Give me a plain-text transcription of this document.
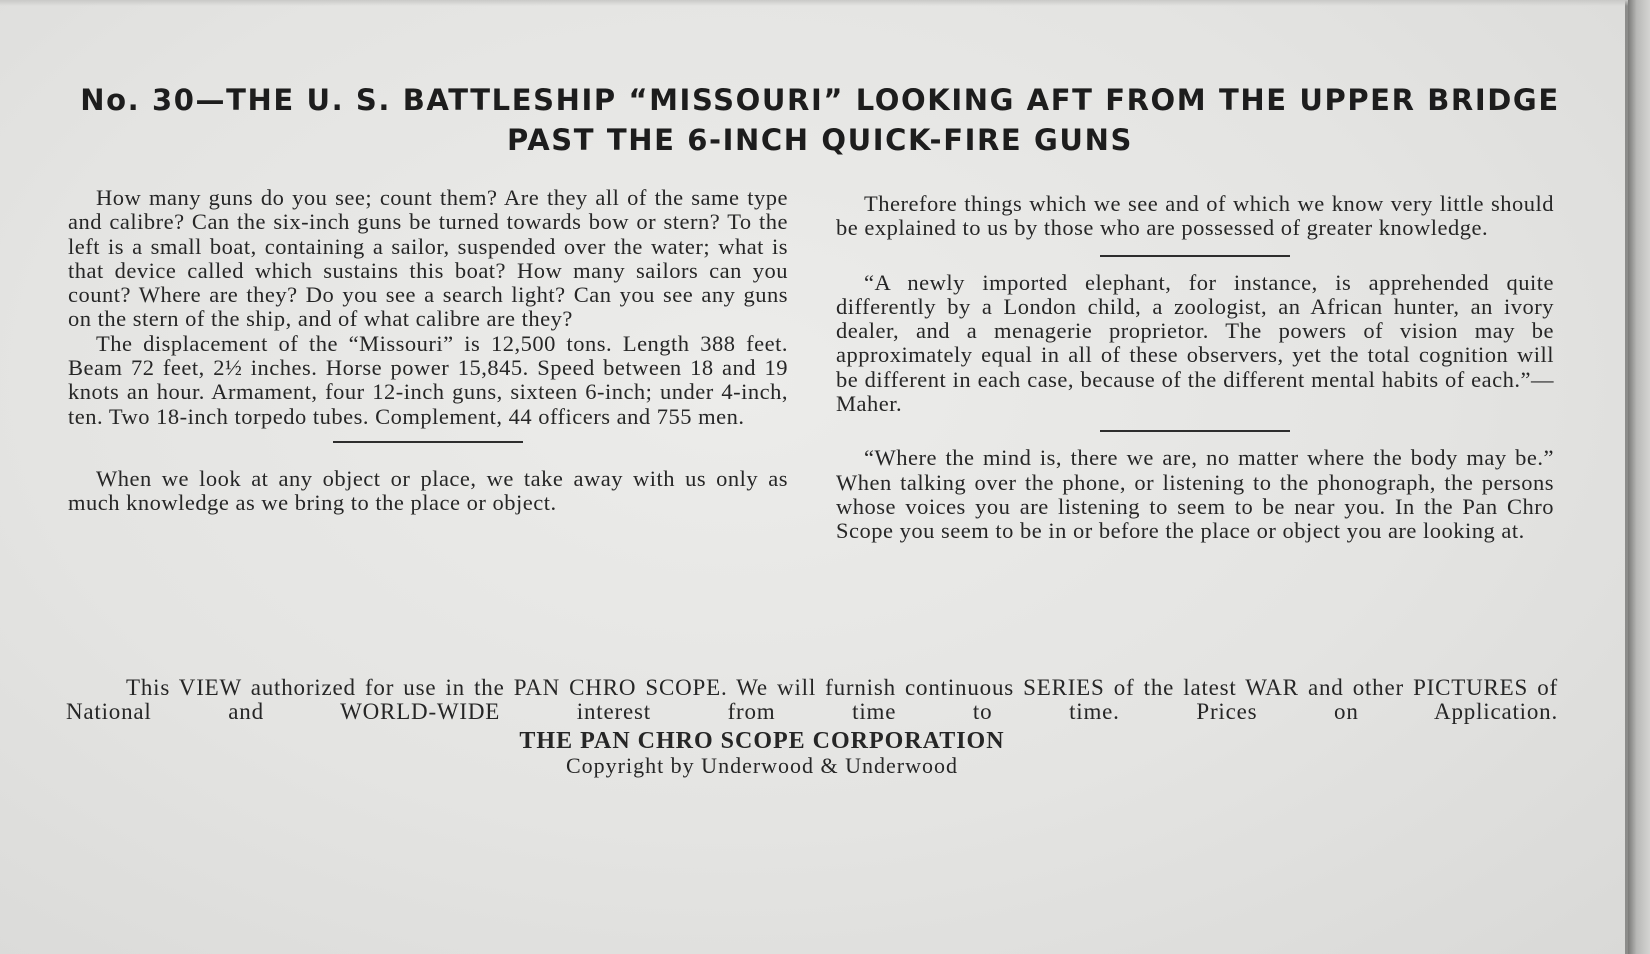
No. 30—THE U. S. BATTLESHIP “MISSOURI” LOOKING AFT FROM THE UPPER BRIDGE PAST THE 6-INCH QUICK-FIRE GUNS

How many guns do you see; count them? Are they all of the same type and calibre? Can the six-inch guns be turned towards bow or stern? To the left is a small boat, containing a sailor, suspended over the water; what is that device called which sustains this boat? How many sailors can you count? Where are they? Do you see a search light? Can you see any guns on the stern of the ship, and of what calibre are they?

The displacement of the “Missouri” is 12,500 tons. Length 388 feet. Beam 72 feet, 2½ inches. Horse power 15,845. Speed between 18 and 19 knots an hour. Armament, four 12-inch guns, sixteen 6-inch; under 4-inch, ten. Two 18-inch torpedo tubes. Complement, 44 officers and 755 men.

When we look at any object or place, we take away with us only as much knowledge as we bring to the place or object.

Therefore things which we see and of which we know very little should be explained to us by those who are possessed of greater knowledge.

“A newly imported elephant, for instance, is apprehended quite differently by a London child, a zoologist, an African hunter, an ivory dealer, and a menagerie proprietor. The powers of vision may be approximately equal in all of these observers, yet the total cognition will be different in each case, because of the different mental habits of each.”—Maher.

“Where the mind is, there we are, no matter where the body may be.” When talking over the phone, or listening to the phonograph, the persons whose voices you are listening to seem to be near you. In the Pan Chro Scope you seem to be in or before the place or object you are looking at.

This VIEW authorized for use in the PAN CHRO SCOPE. We will furnish continuous SERIES of the latest WAR and other PICTURES of National and WORLD-WIDE interest from time to time. Prices on Application.

THE PAN CHRO SCOPE CORPORATION

Copyright by Underwood & Underwood
